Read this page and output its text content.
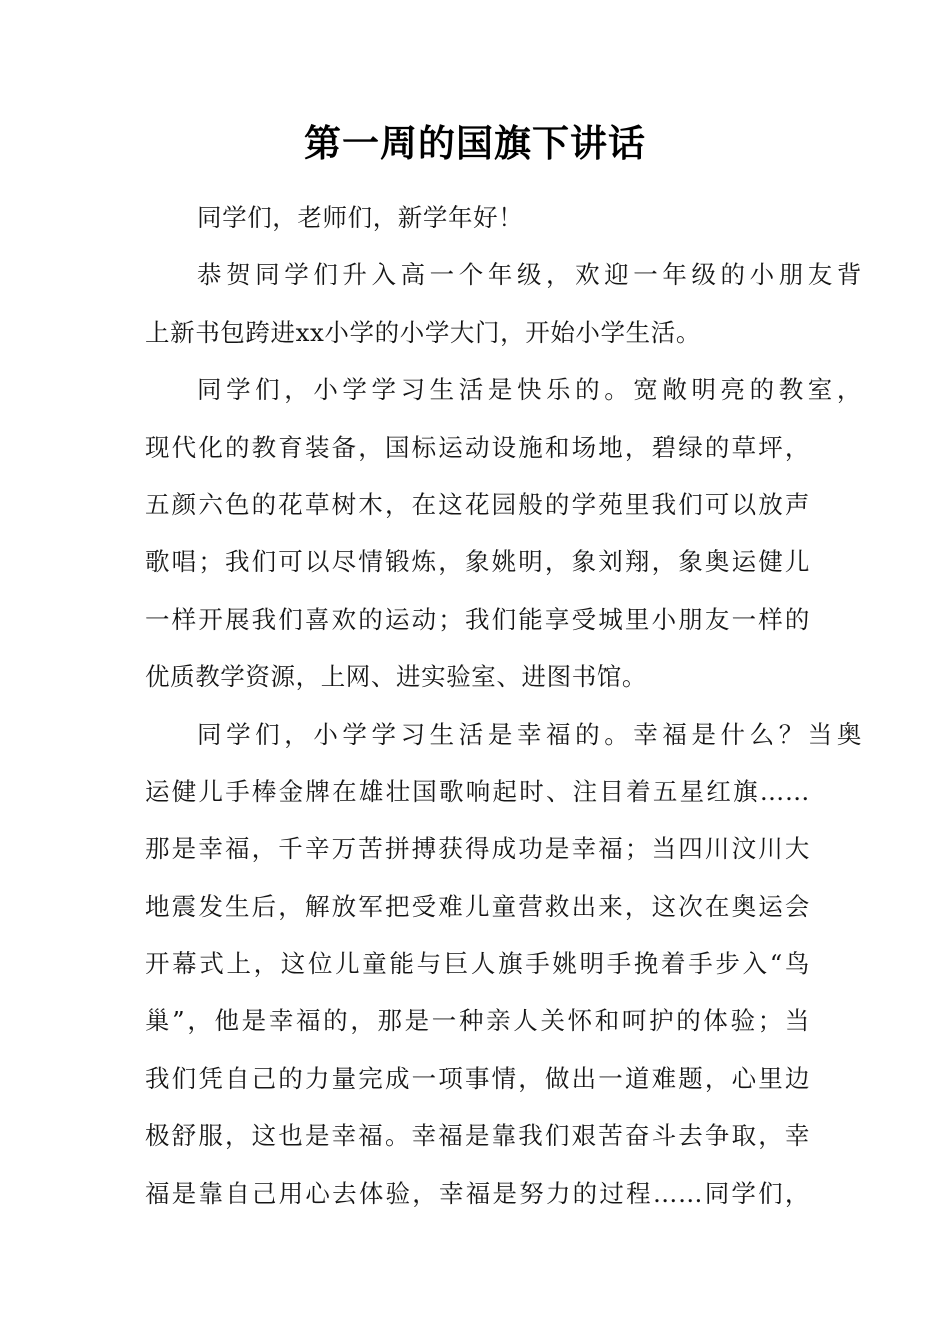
第一周的国旗下讲话
同学们，老师们，新学年好！
恭贺同学们升入高一个年级，欢迎一年级的小朋友背
上新书包跨进xx小学的小学大门，开始小学生活。
同学们，小学学习生活是快乐的。宽敞明亮的教室，
现代化的教育装备，国标运动设施和场地，碧绿的草坪，
五颜六色的花草树木，在这花园般的学苑里我们可以放声
歌唱；我们可以尽情锻炼，象姚明，象刘翔，象奥运健儿
一样开展我们喜欢的运动；我们能享受城里小朋友一样的
优质教学资源，上网、进实验室、进图书馆。
同学们，小学学习生活是幸福的。幸福是什么？当奥
运健儿手棒金牌在雄壮国歌响起时、注目着五星红旗……
那是幸福，千辛万苦拼搏获得成功是幸福；当四川汶川大
地震发生后，解放军把受难儿童营救出来，这次在奥运会
开幕式上，这位儿童能与巨人旗手姚明手挽着手步入“鸟
巢”，他是幸福的，那是一种亲人关怀和呵护的体验；当
我们凭自己的力量完成一项事情，做出一道难题，心里边
极舒服，这也是幸福。幸福是靠我们艰苦奋斗去争取，幸
福是靠自己用心去体验，幸福是努力的过程……同学们，
